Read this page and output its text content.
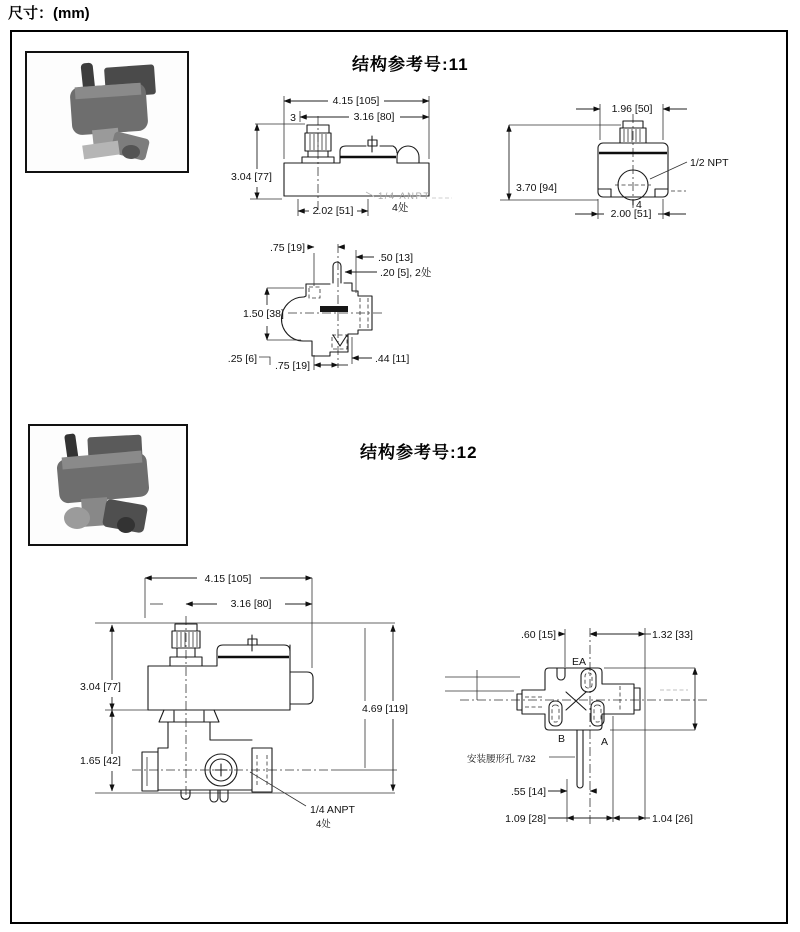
尺寸：(mm)
结构参考号:11
结构参考号:12
4.15 [105]
3.16 [80]
3
3.04 [77]
2.02 [51]
1/4 ANPT
4处
1.96 [50]
3.70 [94]
1/2 NPT
4
2.00 [51]
.75 [19]
.50 [13]
.20 [5], 2处
1.50 [38]
.25 [6]
.75 [19]
.44 [11]
4.15 [105]
3.16 [80]
3.04 [77]
1.65 [42]
4.69 [119]
1/4 ANPT
4处
.60 [15]	1.32 [33]
EA
B	A
安装腰形孔 7/32
.55 [14]
1.09 [28]	1.04 [26]
